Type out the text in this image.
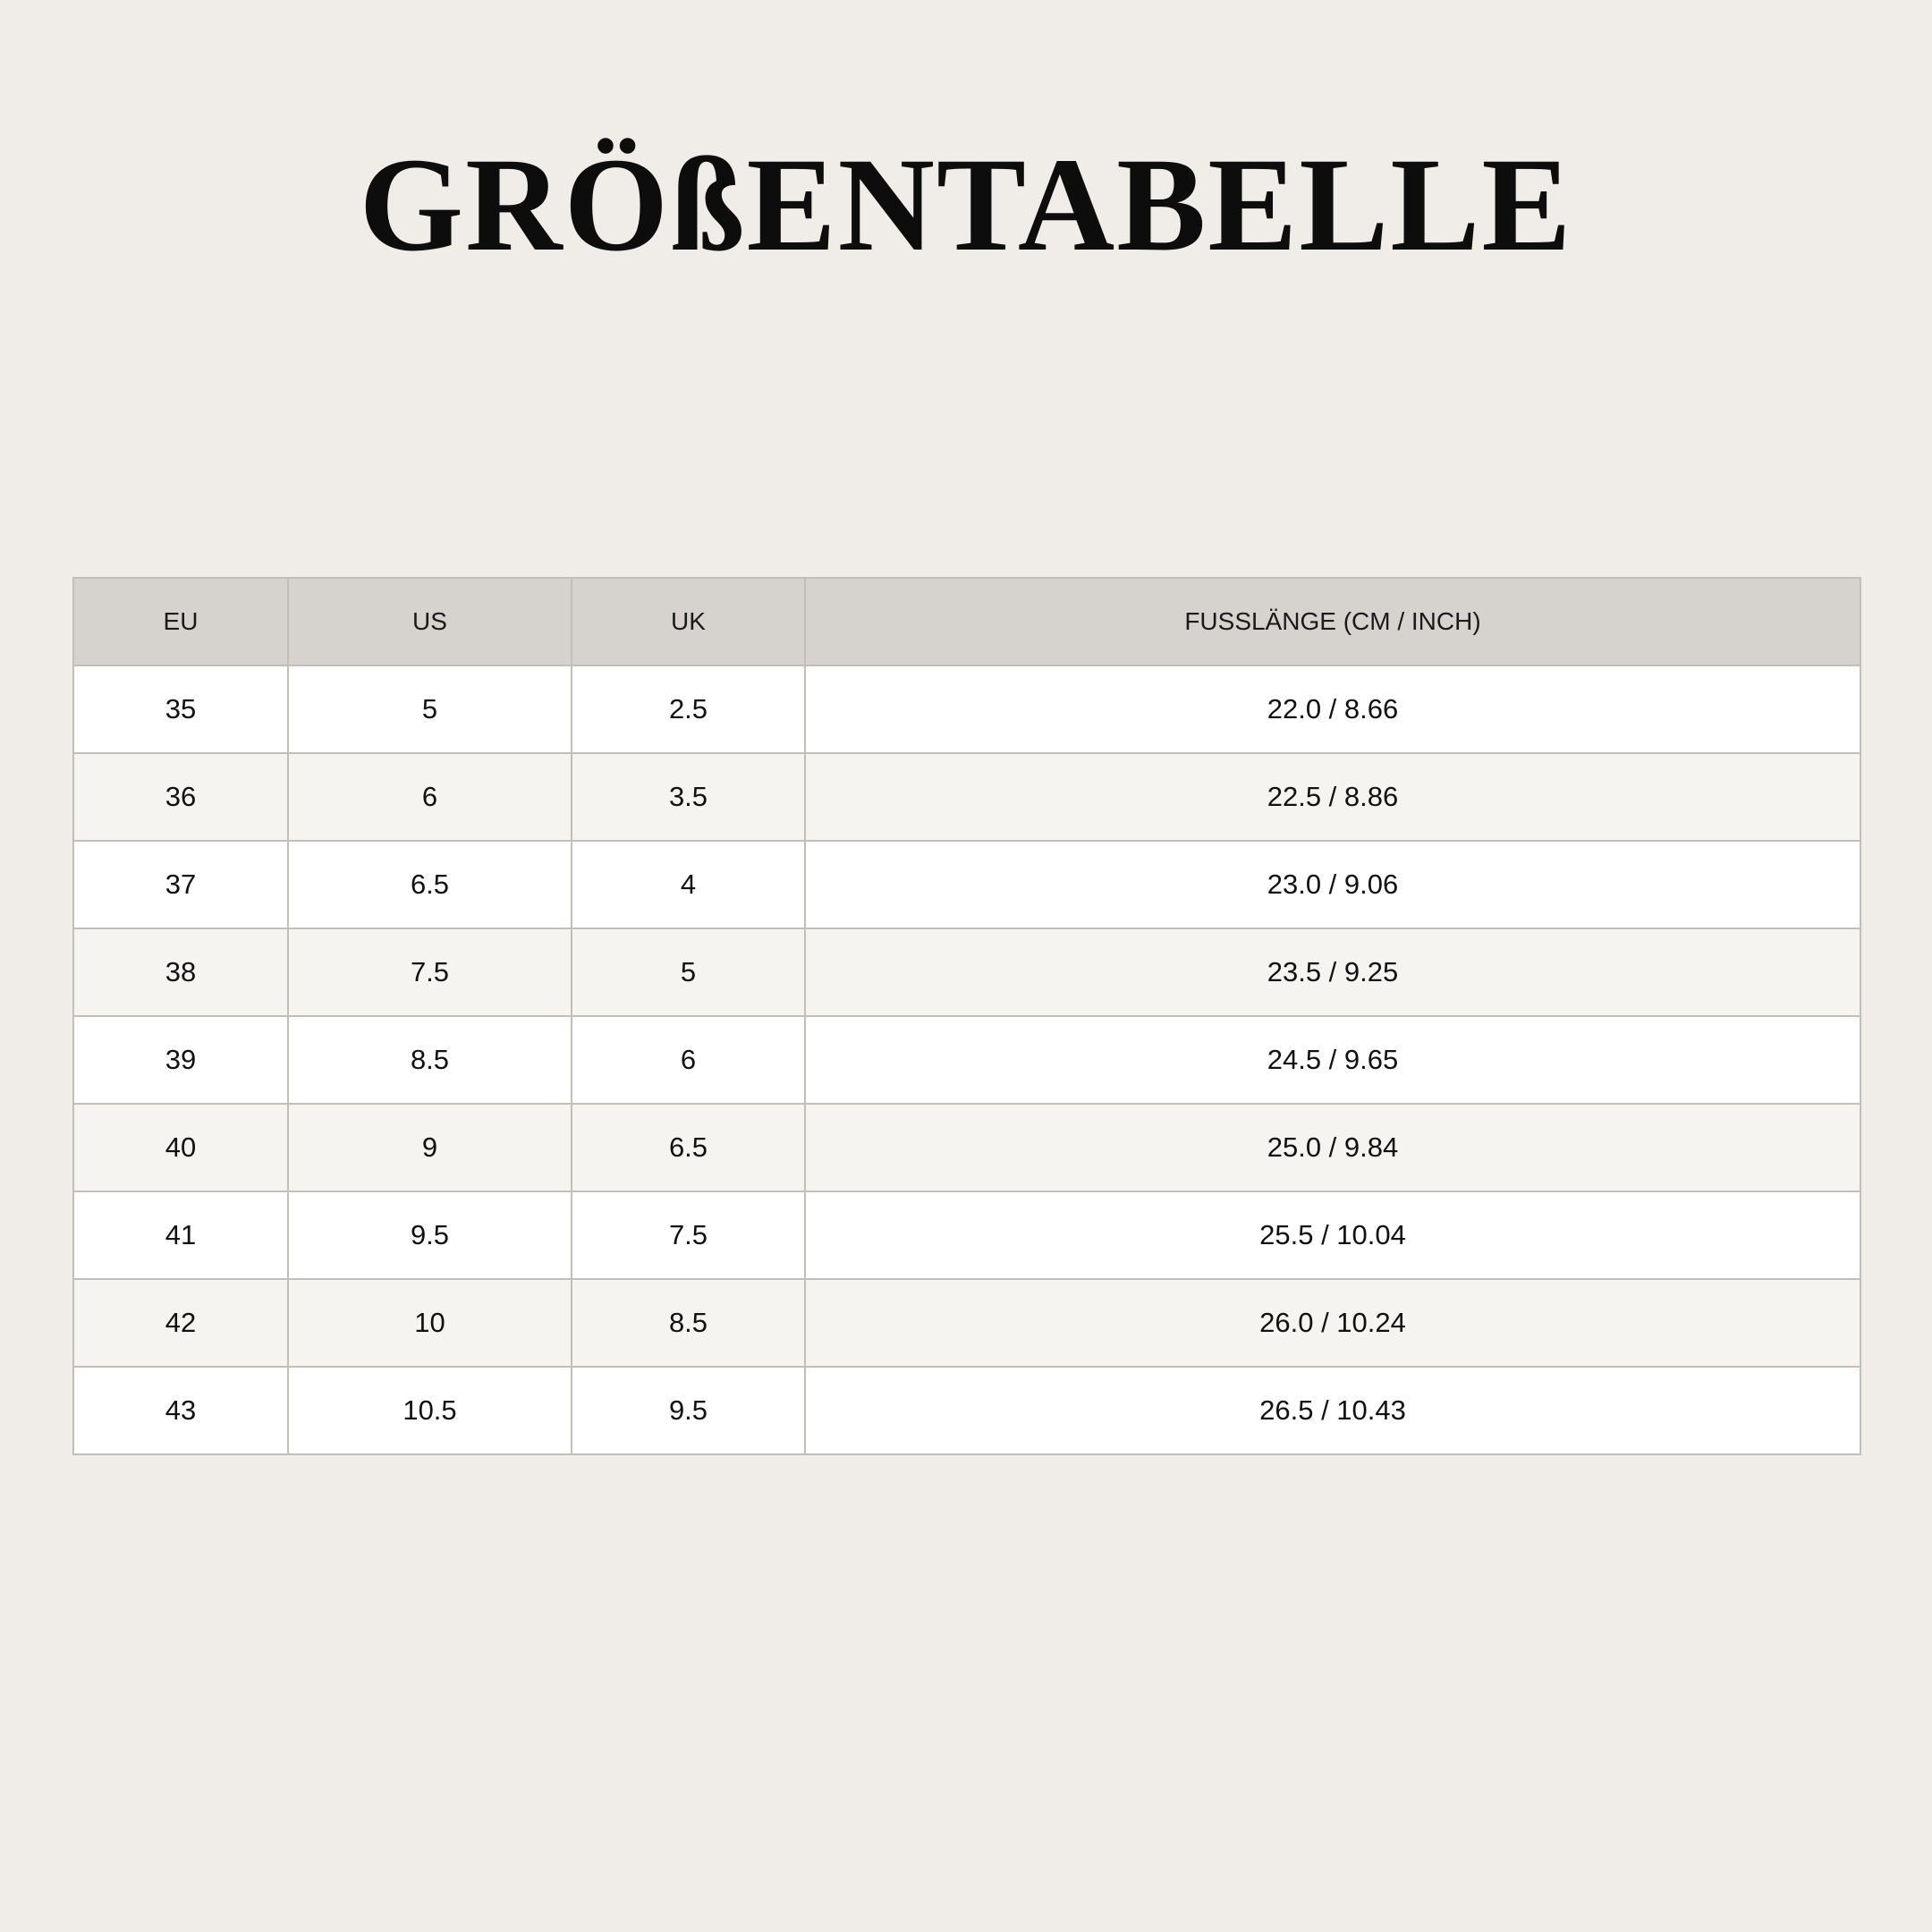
GRÖßENTABELLE
EU	US	UK	FUSSLÄNGE (CM / INCH)
35	5	2.5	22.0 / 8.66
36	6	3.5	22.5 / 8.86
37	6.5	4	23.0 / 9.06
38	7.5	5	23.5 / 9.25
39	8.5	6	24.5 / 9.65
40	9	6.5	25.0 / 9.84
41	9.5	7.5	25.5 / 10.04
42	10	8.5	26.0 / 10.24
43	10.5	9.5	26.5 / 10.43
